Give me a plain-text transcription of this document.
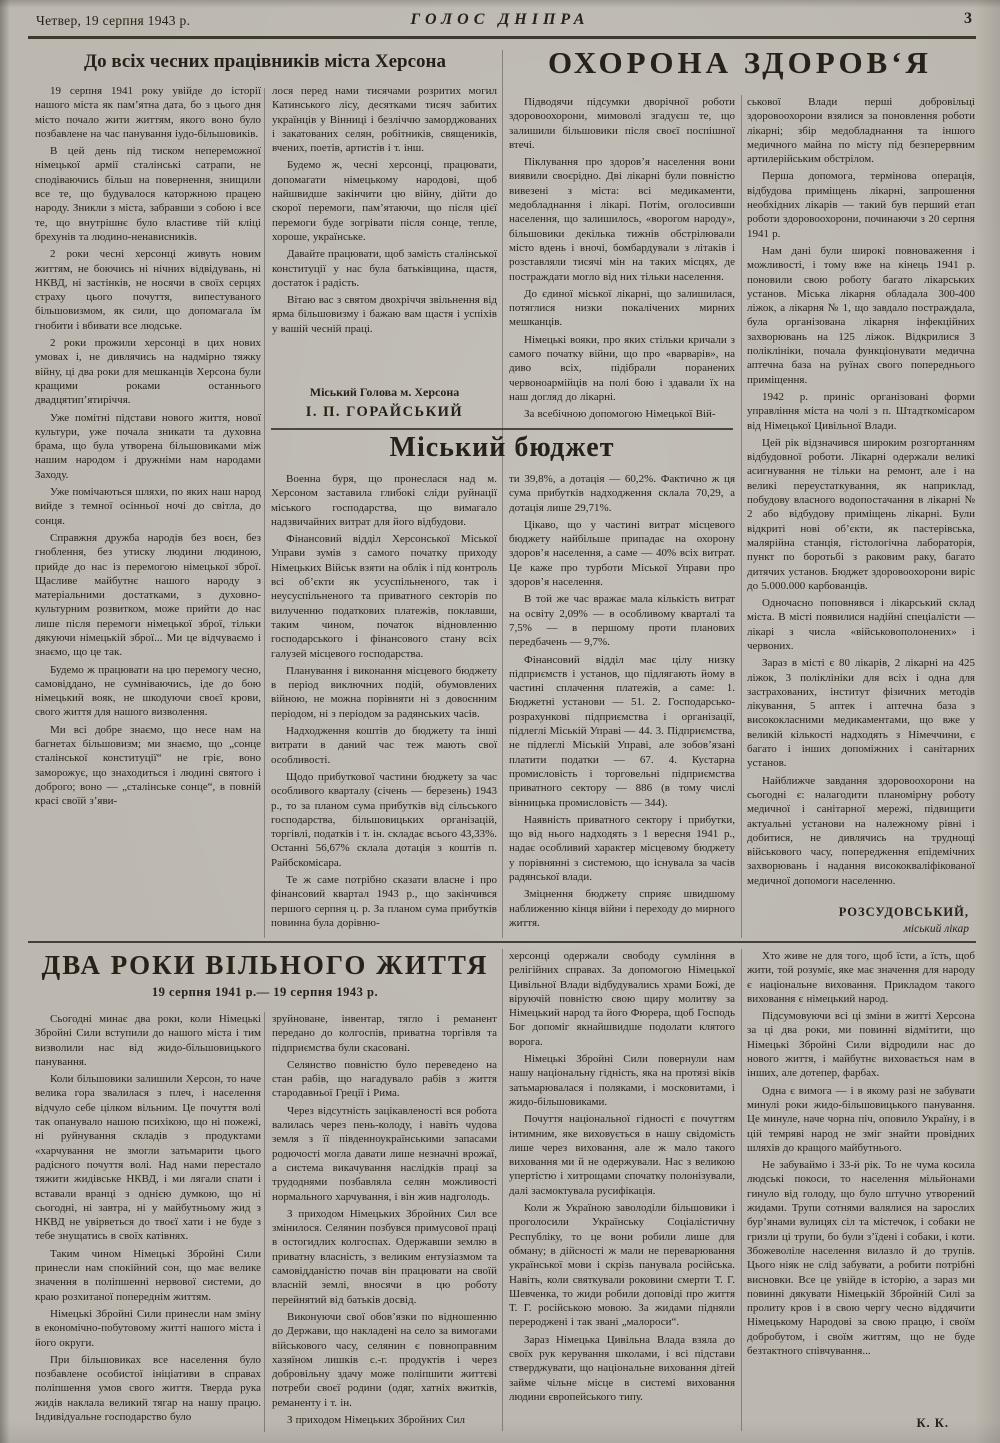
Четвер, 19 серпня 1943 р.	ГОЛОС ДНІПРА	3
До всіх чесних працівників міста Херсона

19 серпня 1941 року увійде до історії нашого міста як пам’ятна дата, бо з цього дня місто почало жити життям, якого воно було позбавлене на час панування іудо-більшовиків.

В цей день під тиском непереможної німецької армії сталінські сатрапи, не сподіваючись більш на повернення, знищили все те, що будувалося каторжною працею народу. Зникли з міста, забравши з собою і все те, що внутрішнє було властиве тій кліці брехунів та людино-ненависників.

2 роки чесні херсонці живуть новим життям, не боючись ні нічних відвідувань, ні НКВД, ні застінків, не носячи в своїх серцях страху цього почуття, випестуваного більшовизмом, як сили, що допомагала їм гнобити і вбивати все людське.

2 роки прожили херсонці в цих нових умовах і, не дивлячись на надмірно тяжку війну, ці два роки для мешканців Херсона були кращими роками останнього двадцятип’ятиріччя.

Уже помітні підстави нового життя, нової культури, уже почала зникати та духовна брама, що була утворена більшовиками між нашим народом і дружніми нам народами Заходу.

Уже помічаються шляхи, по яких наш народ вийде з темної осінньої ночі до світла, до сонця.

Справжня дружба народів без воєн, без гноблення, без утиску людини людиною, прийде до нас із перемогою німецької зброї. Щасливе майбутнє нашого народу з матеріальними достатками, з духовно-культурним розвитком, може прийти до нас лише після перемоги німецької зброї, тільки дякуючи німецькій зброї... Ми це відчуваємо і знаємо, що це так.

Будемо ж працювати на цю перемогу чесно, самовіддано, не сумніваючись, іде до бою німецький вояк, не шкодуючи своєї крови, свого життя для нашого визволення.

Ми всі добре знаємо, що несе нам на багнетах більшовизм; ми знаємо, що „сонце сталінської конституції“ не гріє, воно заморожує, що знаходиться і людині святого і доброго; воно — „сталінське сонце“, в повній красі своїй з’яви-

лося перед нами тисячами розритих могил Катинського лісу, десятками тисяч забитих українців у Вінниці і безліччю заморджованих і закатованих селян, робітників, священиків, вчених, поетів, артистів і т. інш.

Будемо ж, чесні херсонці, працювати, допомагати німецькому народові, щоб найшвидше закінчити цю війну, дійти до скорої перемоги, пам’ятаючи, що після цієї перемоги буде зогрівати після сонце, тепле, хороше, українське.

Давайте працювати, щоб замість сталінської конституції у нас була батьківщина, щастя, достаток і радість.

Вітаю вас з святом двохріччя звільнення від ярма більшовизму і бажаю вам щастя і успіхів у вашій чесній праці.

Міський Голова м. Херсона
І. П. ГОРАЙСЬКИЙ
ОХОРОНА ЗДОРОВ‘Я

Підводячи підсумки дворічної роботи здоровоохорони, мимоволі згадуєш те, що залишили більшовики після своєї поспішної втечі.

Піклування про здоров’я населення вони виявили своєрідно. Дві лікарні були повністю вивезені з міста: всі медикаменти, медобладнання і лікарі. Потім, оголосивши населення, що залишилось, «ворогом народу», більшовики декілька тижнів обстрілювали місто вдень і вночі, бомбардували з літаків і розставляли тисячі мін на таких місцях, де постраждати могло від них тільки населення.

До єдиної міської лікарні, що залишилася, потяглися низки покалічених мирних мешканців.

Німецькі вояки, про яких стільки кричали з самого початку війни, що про «варварів», на диво всіх, підібрали поранених червоноармійців на полі бою і здавали їх на наш догляд до лікарні.

За всебічною допомогою Німецької Вій-

ськової Влади перші добровільці здоровоохорони взялися за поновлення роботи лікарні; збір медобладнання та іншого медичного майна по місту під безперервним артилерійським обстрілом.

Перша допомога, термінова операція, відбудова приміщень лікарні, запрошення необхідних лікарів — такий був перший етап роботи здоровоохорони, починаючи з 20 серпня 1941 р.

Нам дані були широкі повноваження і можливості, і тому вже на кінець 1941 р. поновили свою роботу багато лікарських установ. Міська лікарня обладала 300-400 ліжок, а лікарня № 1, що завдало постраждала, була організована лікарня інфекційних захворювань на 125 ліжок. Відкрилися 3 поліклініки, почала функціонувати медична аптечна база на руїнах свого попереднього приміщення.

1942 р. приніс організовані форми управління міста на чолі з п. Штадткомісаром від Німецької Цивільної Влади.

Цей рік відзначився широким розгортанням відбудовної роботи. Лікарні одержали великі асигнування не тільки на ремонт, але і на великі переустаткування, як наприклад, побудову власного водопостачання в лікарні № 2 або відбудову приміщень лікарні. Були відкриті нові об’єкти, як пастерівська, малярійна станція, гістологічна лабораторія, пункт по боротьбі з раковим раку, багато дитячих установ. Бюджет здоровоохорони виріс до 5.000.000 карбованців.

Одночасно поповнявся і лікарський склад міста. В місті появилися надійні спеціалісти — лікарі з числа «військовополонених» і червоних.

Зараз в місті є 80 лікарів, 2 лікарні на 425 ліжок, 3 поліклініки для всіх і одна для застрахованих, інститут фізичних методів лікування, 5 аптек і аптечна база з висококласними медикаментами, що вже у великій кількості надходять з Німеччини, є багато і інших допоміжних і санітарних установ.

Найближче завдання здоровоохорони на сьогодні є: налагодити планомірну роботу медичної і санітарної мережі, підвищити актуальні установи на належному рівні і добитися, не дивлячись на труднощі військового часу, попередження епідемічних захворювань і надання висококваліфікованої медичної допомоги населенню.

РОЗСУДОВСЬКИЙ,
міський лікар
Міський бюджет

Военна буря, що пронеслася над м. Херсоном заставила глибокі сліди руйнації міського господарства, що вимагало надзвичайних витрат для його відбудови.

Фінансовий відділ Херсонської Міської Управи зумів з самого початку приходу Німецьких Військ взяти на облік і під контроль всі об’єкти як усуспільненого, так і неусуспільненого та приватного секторів по вилученню податкових платежів, поклавши, таким чином, початок відновленню господарського і фінансового стану всіх галузей місцевого господарства.

Планування і виконання місцевого бюджету в період виключних подій, обумовлених війною, не можна порівняти ні з довоєнним періодом, ні з періодом за радянських часів.

Надходження коштів до бюджету та інші витрати в даний час теж мають свої особливості.

Щодо прибуткової частини бюджету за час особливого кварталу (січень — березень) 1943 р., то за планом сума прибутків від сільського господарства, більшовицьких організацій, торгівлі, податків і т. ін. складає всього 43,33%. Останні 56,67% склала дотація з коштів п. Райбскомісара.

Те ж саме потрібно сказати власне і про фінансовий квартал 1943 р., що закінчився першого серпня ц. р. За планом сума прибутків повинна була дорівню-

ти 39,8%, а дотація — 60,2%. Фактично ж ця сума прибутків надходження склала 70,29, а дотація лише 29,71%.

Цікаво, що у частині витрат місцевого бюджету найбільше припадає на охорону здоров’я населення, а саме — 40% всіх витрат. Це каже про турботи Міської Управи про здоров’я населення.

В той же час вражає мала кількість витрат на освіту 2,09% — в особливому кварталі та 7,5% — в першому проти планових передбачень — 9,7%.

Фінансовий відділ має цілу низку підприємств і установ, що підлягають йому в частині сплачення платежів, а саме: 1. Бюджетні установи — 51. 2. Господарсько-розрахункові підприємства і організації, підлеглі Міській Управі — 44. 3. Підприємства, не підлеглі Міській Управі, але зобов’язані платити податки — 67. 4. Кустарна промисловість і торговельні підприємства приватного сектору — 886 (в тому числі вінницька промисловість — 344).

Наявність приватного сектору і прибутки, що від нього надходять з 1 вересня 1941 р., надає особливий характер місцевому бюджету у порівнянні з системою, що існувала за часів радянської влади.

Зміцнення бюджету сприяє швидшому наближенню кінця війни і переходу до мирного життя.

ДВА РОКИ ВІЛЬНОГО ЖИТТЯ
19 серпня 1941 р.— 19 серпня 1943 р.

Сьогодні минає два роки, коли Німецькі Збройні Сили вступили до нашого міста і тим визволили нас від жидо-більшовицького панування.

Коли більшовики залишили Херсон, то наче велика гора звалилася з плеч, і населення відчуло себе цілком вільним. Це почуття волі так опанувало нашою психікою, що ні пожежі, ні руйнування складів з продуктами «харчування не змогли затьмарити цього радісного почуття волі. Над нами перестало тяжити жидівське НКВД, і ми лягали спати і вставали вранці з однією думкою, що ні сьогодні, ні завтра, ні у майбутньому жид з НКВД не увірветься до твоєї хати і не буде з тебе знущатись в своїх катівнях.

Таким чином Німецькі Збройні Сили принесли нам спокійний сон, що має велике значення в поліпшенні нервової системи, до краю розхитаної попереднім життям.

Німецькі Збройні Сили принесли нам зміну в економічно-побутовому житті нашого міста і його округи.

При більшовиках все населення було позбавлене особистої ініціативи в справах поліпшення умов свого життя. Тверда рука жидів наклала великий тягар на нашу працю. Індивідуальне господарство було

зруйноване, інвентар, тягло і реманент передано до колгоспів, приватна торгівля та підприємства були скасовані.

Селянство повністю було переведено на стан рабів, що нагадувало рабів з життя стародавньої Греції і Рима.

Через відсутність зацікавленості вся робота валилась через пень-колоду, і навіть чудова земля з її південноукраїнськими запасами родючості могла давати лише незначні врожаї, а система викачування наслідків праці за трудоднями позбавляла селян можливості нормального харчування, і він жив надголодь.

З приходом Німецьких Збройних Сил все змінилося. Селянин позбувся примусової праці в остогидлих колгоспах. Одержавши землю в приватну власність, з великим ентузіазмом та самовідданістю почав він працювати на своїй власній землі, вносячи в цю роботу перейнятий від батьків досвід.

Виконуючи свої обов’язки по відношенню до Держави, що накладені на село за вимогами військового часу, селянин є повноправним хазяїном лишків с.-г. продуктів і через добровільну здачу може поліпшити життєві потреби своєї родини (одяг, хатніх вжитків, реманенту і т. ін.

З приходом Німецьких Збройних Сил

херсонці одержали свободу сумління в релігійних справах. За допомогою Німецької Цивільної Влади відбудувались храми Божі, де віруючій повністю свою щиру молитву за Німецький народ та його Фюрера, щоб Господь Бог допоміг якнайшвидше подолати клятого ворога.

Німецькі Збройні Сили повернули нам нашу національну гідність, яка на протязі віків затьмарювалася і поляками, і московитами, і жидо-більшовиками.

Почуття національної гідності є почуттям інтимним, яке виховується в нашу свідомість лише через виховання, але ж мало такого виховання ми й не одержували. Нас з великою упертістю і хитрощами спочатку полонізували, далі засмоктувала русифікація.

Коли ж Україною заволоділи більшовики і проголосили Українську Соціалістичну Республіку, то це вони робили лише для обману; в дійсності ж мали не переварювання української мови і скрізь панувала російська. Навіть, коли святкували роковини смерти Т. Г. Шевченка, то жиди робили доповіді про життя Т. Г. російською мовою. За жидами підняли перероджені і так звані „малороси“.

Зараз Німецька Цивільна Влада взяла до своїх рук керування школами, і всі підстави стверджувати, що національне виховання дітей займе чільне місце в системі виховання людини європейського типу.

Хто живе не для того, щоб їсти, а їсть, щоб жити, той розуміє, яке має значення для народу є національне виховання. Прикладом такого виховання є німецький народ.

Підсумовуючи всі ці зміни в житті Херсона за ці два роки, ми повинні відмітити, що Німецькі Збройні Сили відродили нас до нового життя, і майбутнє виховається нам в інших, але дотепер, фарбах.

Одна є вимога — і в якому разі не забувати минулі роки жидо-більшовицького панування. Це минуле, наче чорна піч, оповило Україну, і в цій темряві народ не зміг знайти провідних шляхів до кращого майбутнього.

Не забуваймо і 33-й рік. То не чума косила людські покоси, то населення мільйонами гинуло від голоду, що було штучно утворений жидами. Трупи сотнями валялися на зарослих бур’янами вулицях сіл та містечок, і собаки не гризли ці трупи, бо були з’їдені і собаки, і коти. Збожеволіле населення вилазло й до трупів. Цього ніяк не слід забувати, а робити потрібні висновки. Все це увійде в історію, а зараз ми повинні дякувати Німецькій Збройній Силі за пролиту кров і в свою чергу чесно віддячити Німецькому Народові за свою працю, і своїм добробутом, і своїм життям, що не буде безтактного співчування...

К. К.
